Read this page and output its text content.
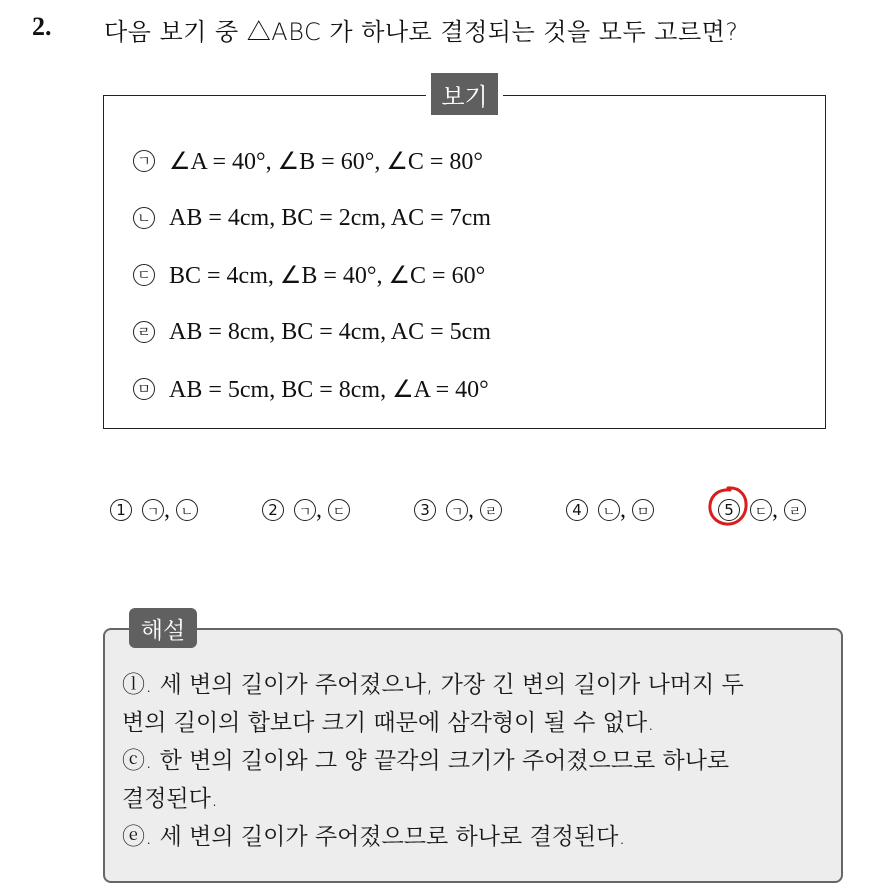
2. 다음 보기 중 △ABC 가 하나로 결정되는 것을 모두 고르면?
보기
ㄱ ∠A = 40°, ∠B = 60°, ∠C = 80°
ㄴ AB = 4cm, BC = 2cm, AC = 7cm
ㄷ BC = 4cm, ∠B = 40°, ∠C = 60°
ㄹ AB = 8cm, BC = 4cm, AC = 5cm
ㅁ AB = 5cm, BC = 8cm, ∠A = 40°
1	ㄱ , ㄴ	2	ㄱ , ㄷ	3	ㄱ , ㄹ	4	ㄴ , ㅁ	5	ㄷ , ㄹ
해설
ⓛ. 세 변의 길이가 주어졌으나, 가장 긴 변의 길이가 나머지 두
변의 길이의 합보다 크기 때문에 삼각형이 될 수 없다.
ⓒ. 한 변의 길이와 그 양 끝각의 크기가 주어졌으므로 하나로
결정된다.
ⓔ. 세 변의 길이가 주어졌으므로 하나로 결정된다.
